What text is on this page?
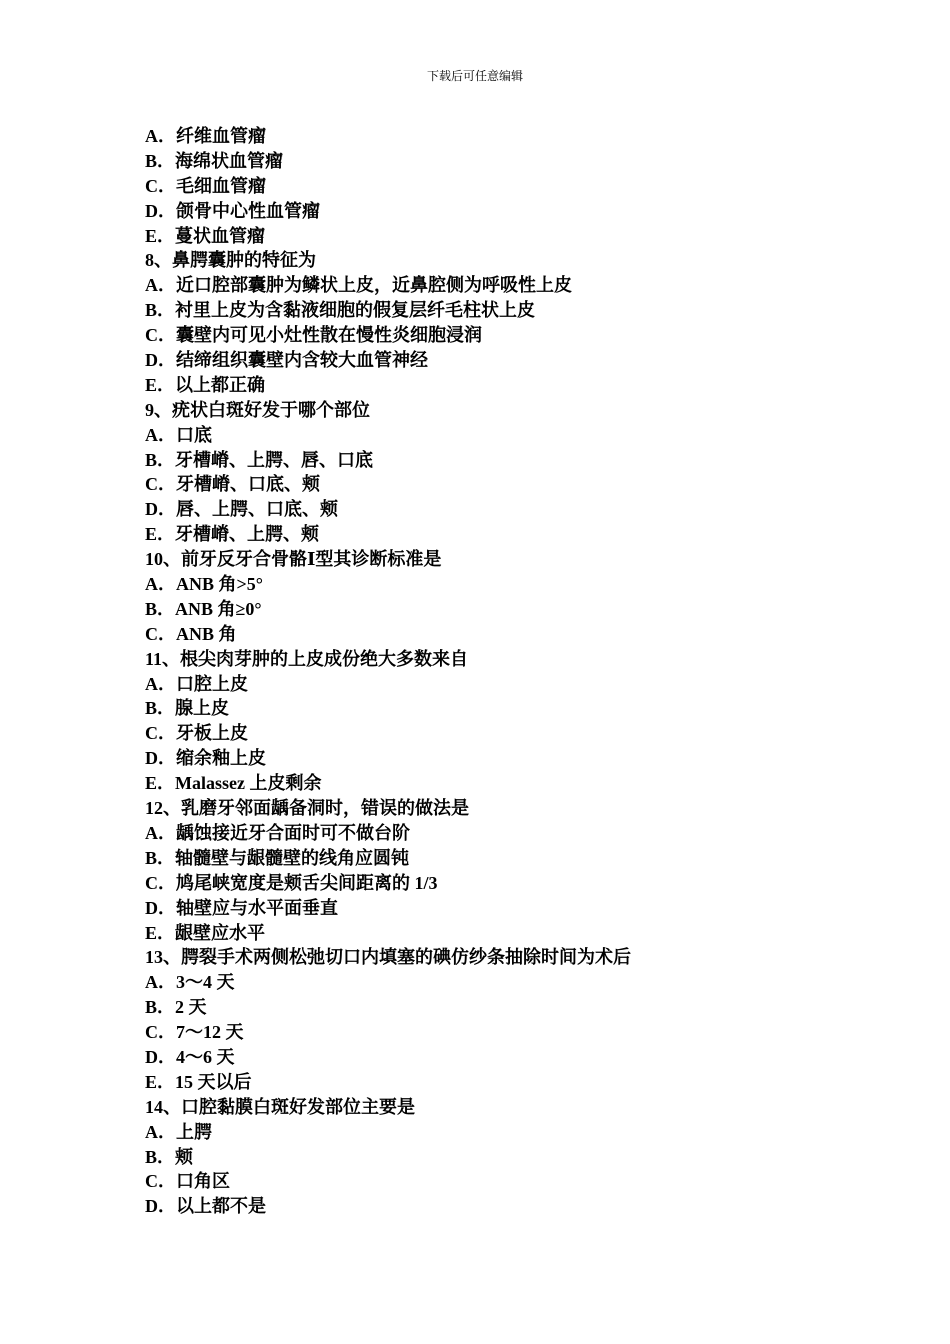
下载后可任意编辑
A．纤维血管瘤
B．海绵状血管瘤
C．毛细血管瘤
D．颌骨中心性血管瘤
E．蔓状血管瘤
8、鼻腭囊肿的特征为
A．近口腔部囊肿为鳞状上皮，近鼻腔侧为呼吸性上皮
B．衬里上皮为含黏液细胞的假复层纤毛柱状上皮
C．囊壁内可见小灶性散在慢性炎细胞浸润
D．结缔组织囊壁内含较大血管神经
E．以上都正确
9、疣状白斑好发于哪个部位
A．口底
B．牙槽嵴、上腭、唇、口底
C．牙槽嵴、口底、颊
D．唇、上腭、口底、颊
E．牙槽嵴、上腭、颊
10、前牙反牙合骨骼Ⅰ型其诊断标准是
A．ANB 角>5°
B．ANB 角≥0°
C．ANB 角
11、根尖肉芽肿的上皮成份绝大多数来自
A．口腔上皮
B．腺上皮
C．牙板上皮
D．缩余釉上皮
E．Malassez 上皮剩余
12、乳磨牙邻面龋备洞时，错误的做法是
A．龋蚀接近牙合面时可不做台阶
B．轴髓壁与龈髓壁的线角应圆钝
C．鸠尾峡宽度是颊舌尖间距离的 1/3
D．轴壁应与水平面垂直
E．龈壁应水平
13、腭裂手术两侧松弛切口内填塞的碘仿纱条抽除时间为术后
A．3～4 天
B．2 天
C．7～12 天
D．4～6 天
E．15 天以后
14、口腔黏膜白斑好发部位主要是
A．上腭
B．颊
C．口角区
D．以上都不是
